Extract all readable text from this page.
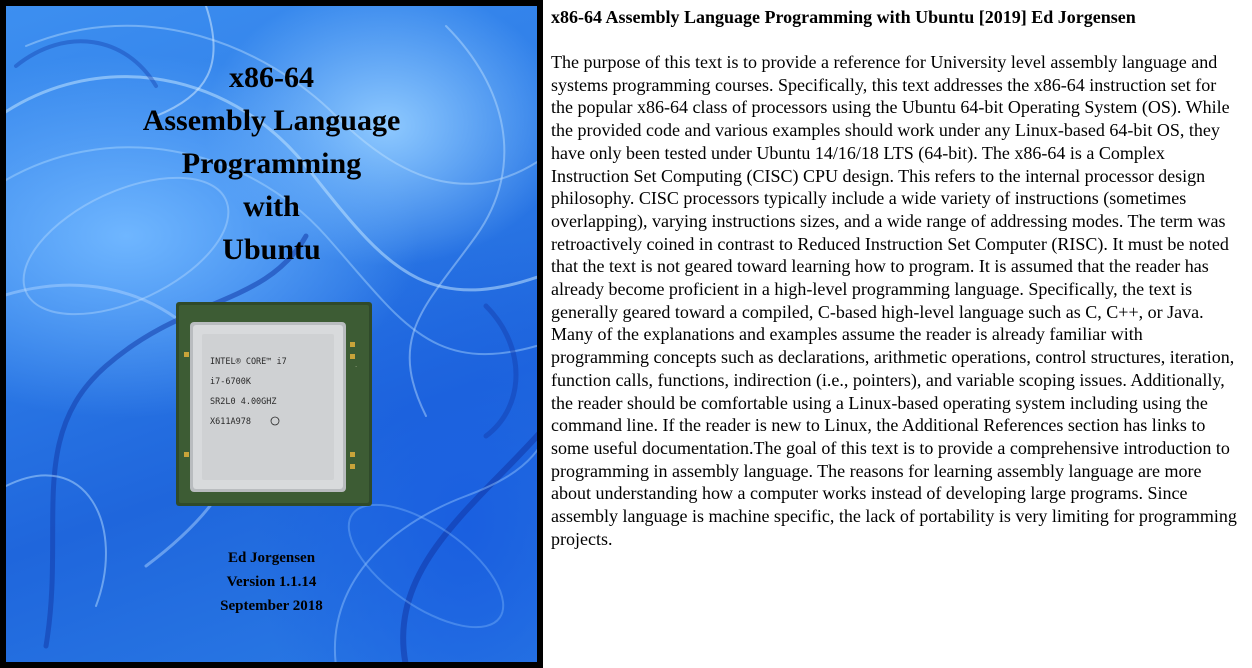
x86-64
Assembly Language
Programming
with
Ubuntu
INTEL® CORE™ i7
i7-6700K
SR2L0 4.00GHZ
X611A978
·
Ed Jorgensen
Version 1.1.14
September 2018
x86-64 Assembly Language Programming with Ubuntu [2019] Ed Jorgensen

The purpose of this text is to provide a reference for University level assembly language and systems programming courses. Specifically, this text addresses the x86-64 instruction set for the popular x86-64 class of processors using the Ubuntu 64-bit Operating System (OS). While the provided code and various examples should work under any Linux-based 64-bit OS, they have only been tested under Ubuntu 14/16/18 LTS (64-bit). The x86-64 is a Complex Instruction Set Computing (CISC) CPU design. This refers to the internal processor design philosophy. CISC processors typically include a wide variety of instructions (sometimes overlapping), varying instructions sizes, and a wide range of addressing modes. The term was retroactively coined in contrast to Reduced Instruction Set Computer (RISC). It must be noted that the text is not geared toward learning how to program. It is assumed that the reader has already become proficient in a high-level programming language. Specifically, the text is generally geared toward a compiled, C-based high-level language such as C, C++, or Java. Many of the explanations and examples assume the reader is already familiar with programming concepts such as declarations, arithmetic operations, control structures, iteration, function calls, functions, indirection (i.e., pointers), and variable scoping issues. Additionally, the reader should be comfortable using a Linux-based operating system including using the command line. If the reader is new to Linux, the Additional References section has links to some useful documentation.The goal of this text is to provide a comprehensive introduction to programming in assembly language. The reasons for learning assembly language are more about understanding how a computer works instead of developing large programs. Since assembly language is machine specific, the lack of portability is very limiting for programming projects.
